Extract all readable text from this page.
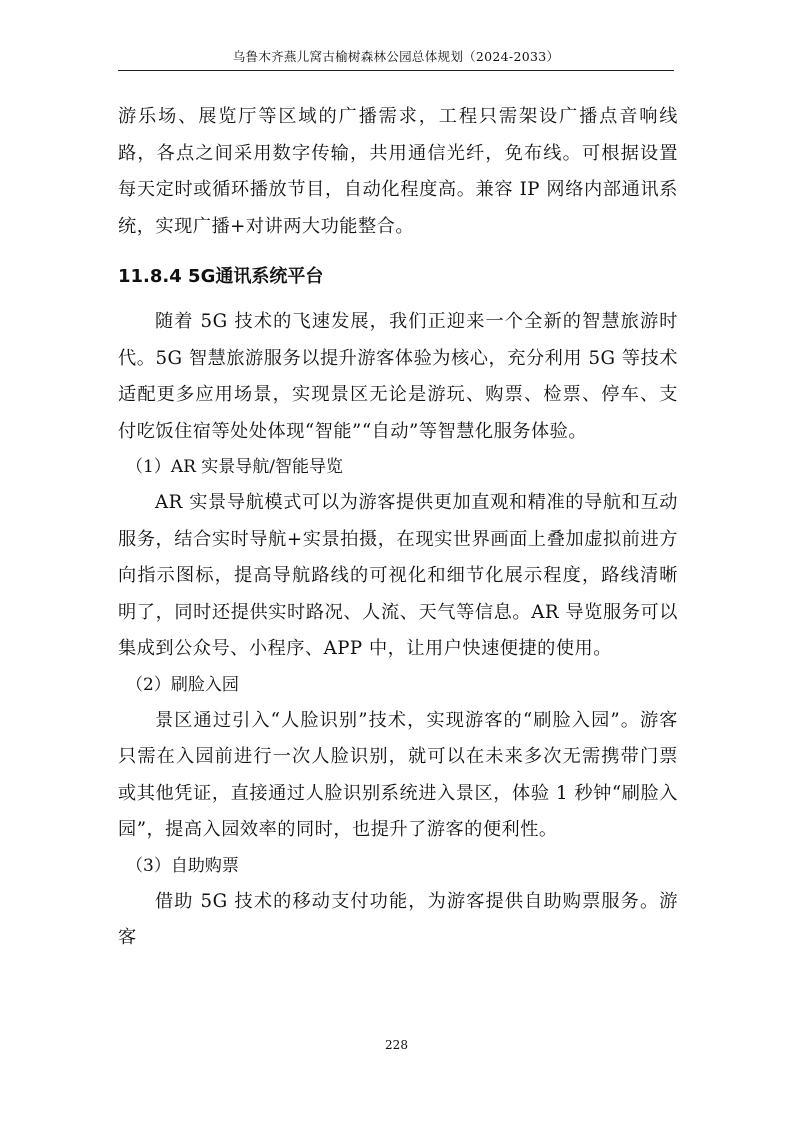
乌鲁木齐燕儿窝古榆树森林公园总体规划（2024-2033）

游乐场、展览厅等区域的广播需求，工程只需架设广播点音响线路，各点之间采用数字传输，共用通信光纤，免布线。可根据设置每天定时或循环播放节目，自动化程度高。兼容 IP 网络内部通讯系统，实现广播+对讲两大功能整合。

11.8.4 5G通讯系统平台

随着 5G 技术的飞速发展，我们正迎来一个全新的智慧旅游时代。5G 智慧旅游服务以提升游客体验为核心，充分利用 5G 等技术适配更多应用场景，实现景区无论是游玩、购票、检票、停车、支付吃饭住宿等处处体现“智能”“自动”等智慧化服务体验。

（1）AR 实景导航/智能导览

AR 实景导航模式可以为游客提供更加直观和精准的导航和互动服务，结合实时导航+实景拍摄，在现实世界画面上叠加虚拟前进方向指示图标，提高导航路线的可视化和细节化展示程度，路线清晰明了，同时还提供实时路况、人流、天气等信息。AR 导览服务可以集成到公众号、小程序、APP 中，让用户快速便捷的使用。

（2）刷脸入园

景区通过引入“人脸识别”技术，实现游客的“刷脸入园”。游客只需在入园前进行一次人脸识别，就可以在未来多次无需携带门票或其他凭证，直接通过人脸识别系统进入景区，体验 1 秒钟“刷脸入园”，提高入园效率的同时，也提升了游客的便利性。

（3）自助购票

借助 5G 技术的移动支付功能，为游客提供自助购票服务。游客

228
